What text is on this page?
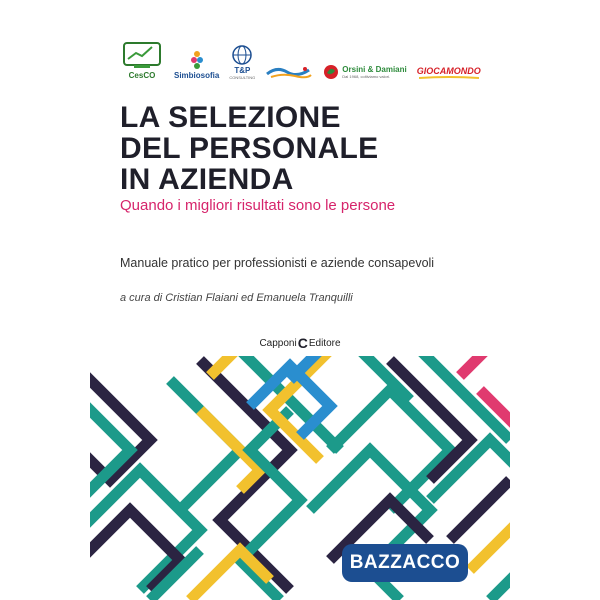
CesCO Simbiosofia
T&P
CONSULTING
Orsini & Damiani
Dal 1968, coltiviamo valori.
GIOCAMONDO
LA SELEZIONE
DEL PERSONALE
IN AZIENDA
Quando i migliori risultati sono le persone
Manuale pratico per professionisti e aziende consapevoli
a cura di Cristian Flaiani ed Emanuela Tranquilli
CapponiCEditore
BAZZACCO
